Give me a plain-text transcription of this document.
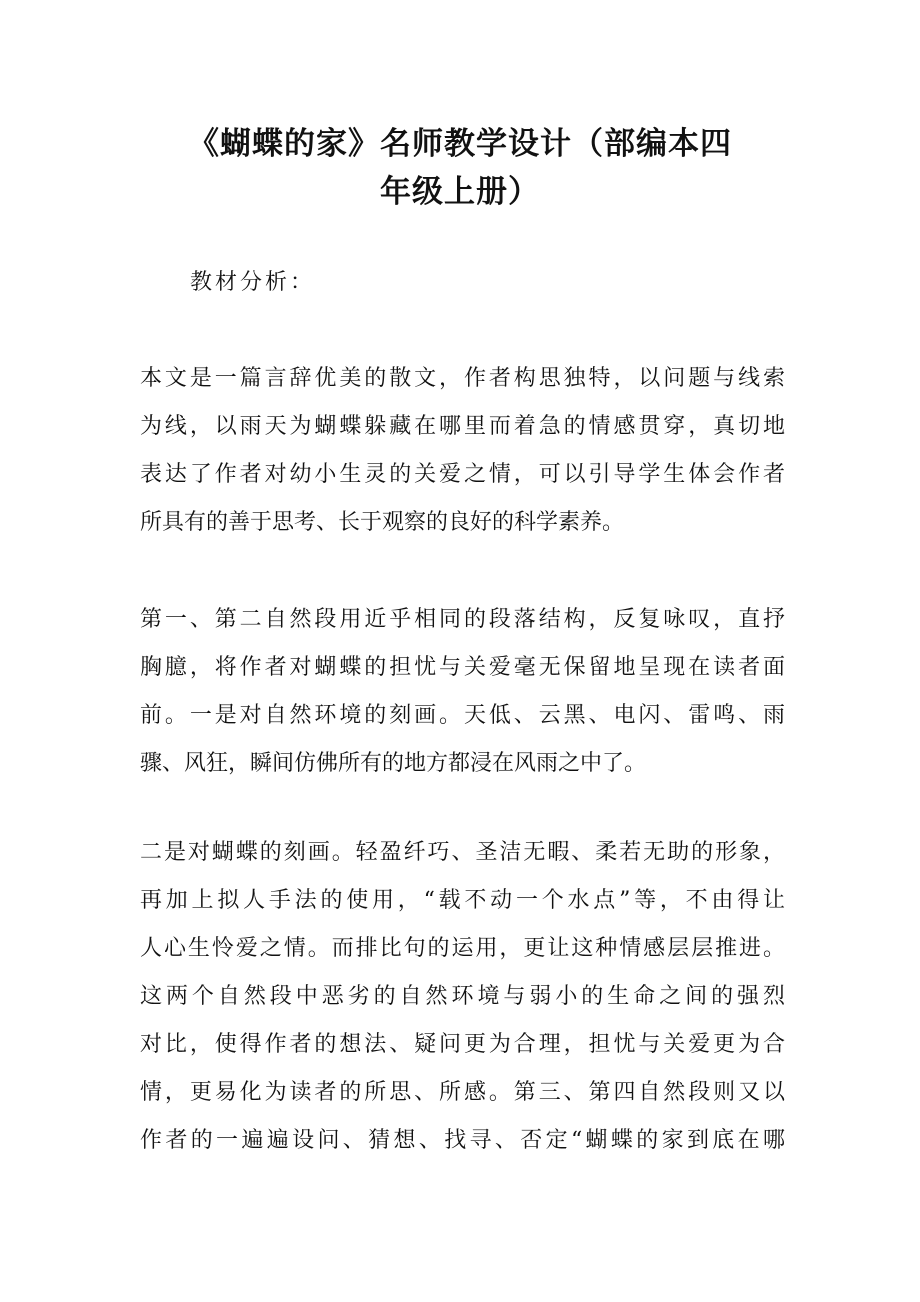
《蝴蝶的家》名师教学设计（部编本四
年级上册）

教材分析：

本文是一篇言辞优美的散文，作者构思独特，以问题与线索
为线，以雨天为蝴蝶躲藏在哪里而着急的情感贯穿，真切地
表达了作者对幼小生灵的关爱之情，可以引导学生体会作者
所具有的善于思考、长于观察的良好的科学素养。
第一、第二自然段用近乎相同的段落结构，反复咏叹，直抒
胸臆，将作者对蝴蝶的担忧与关爱毫无保留地呈现在读者面
前。一是对自然环境的刻画。天低、云黑、电闪、雷鸣、雨
骤、风狂，瞬间仿佛所有的地方都浸在风雨之中了。
二是对蝴蝶的刻画。轻盈纤巧、圣洁无暇、柔若无助的形象，
再加上拟人手法的使用，“载不动一个水点”等，不由得让
人心生怜爱之情。而排比句的运用，更让这种情感层层推进。
这两个自然段中恶劣的自然环境与弱小的生命之间的强烈
对比，使得作者的想法、疑问更为合理，担忧与关爱更为合
情，更易化为读者的所思、所感。第三、第四自然段则又以
作者的一遍遍设问、猜想、找寻、否定“蝴蝶的家到底在哪
